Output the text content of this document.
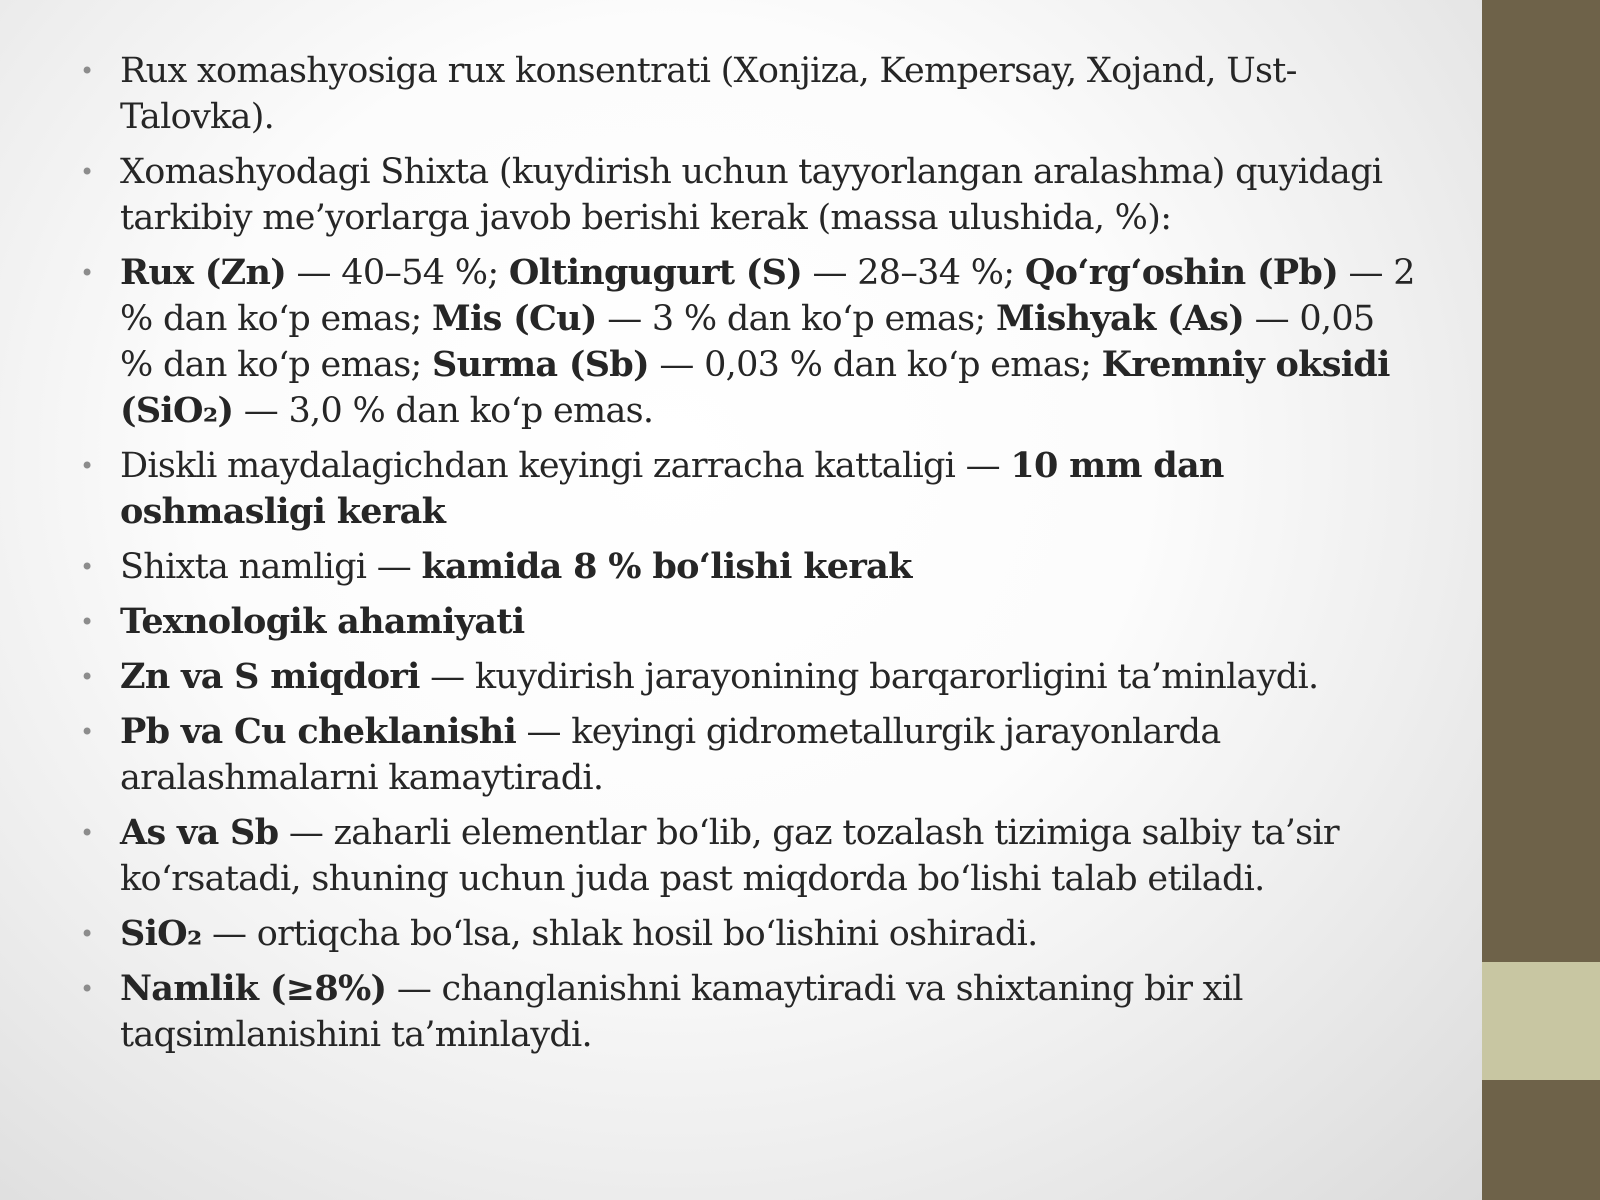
• Rux xomashyosiga rux konsentrati (Xonjiza, Kempersay, Xojand, Ust-Talovka).
• Xomashyodagi Shixta (kuydirish uchun tayyorlangan aralashma) quyidagi tarkibiy me’yorlarga javob berishi kerak (massa ulushida, %):
• Rux (Zn) — 40–54 %; Oltingugurt (S) — 28–34 %; Qo‘rg‘oshin (Pb) — 2 % dan ko‘p emas; Mis (Cu) — 3 % dan ko‘p emas; Mishyak (As) — 0,05 % dan ko‘p emas; Surma (Sb) — 0,03 % dan ko‘p emas; Kremniy oksidi (SiO₂) — 3,0 % dan ko‘p emas.
• Diskli maydalagichdan keyingi zarracha kattaligi — 10 mm dan oshmasligi kerak
• Shixta namligi — kamida 8 % bo‘lishi kerak
• Texnologik ahamiyati
• Zn va S miqdori — kuydirish jarayonining barqarorligini ta’minlaydi.
• Pb va Cu cheklanishi — keyingi gidrometallurgik jarayonlarda aralashmalarni kamaytiradi.
• As va Sb — zaharli elementlar bo‘lib, gaz tozalash tizimiga salbiy ta’sir ko‘rsatadi, shuning uchun juda past miqdorda bo‘lishi talab etiladi.
• SiO₂ — ortiqcha bo‘lsa, shlak hosil bo‘lishini oshiradi.
• Namlik (≥8%) — changlanishni kamaytiradi va shixtaning bir xil taqsimlanishini ta’minlaydi.
